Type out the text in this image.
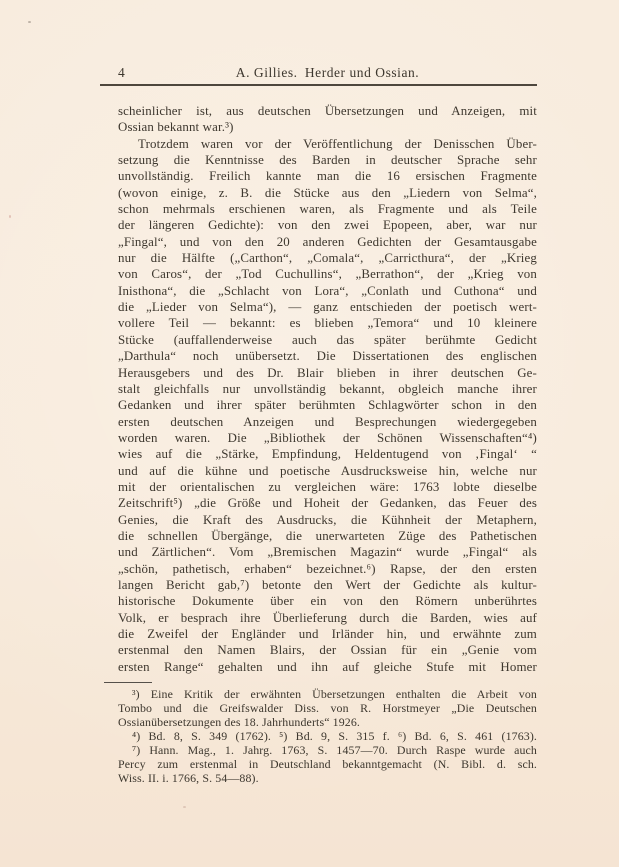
4	A. Gillies. Herder und Ossian.
scheinlicher ist, aus deutschen Übersetzungen und Anzeigen, mit
Ossian bekannt war.³)
Trotzdem waren vor der Veröffentlichung der Denisschen Über-
setzung die Kenntnisse des Barden in deutscher Sprache sehr
unvollständig. Freilich kannte man die 16 ersischen Fragmente
(wovon einige, z. B. die Stücke aus den „Liedern von Selma“,
schon mehrmals erschienen waren, als Fragmente und als Teile
der längeren Gedichte): von den zwei Epopeen, aber, war nur
„Fingal“, und von den 20 anderen Gedichten der Gesamtausgabe
nur die Hälfte („Carthon“, „Comala“, „Carricthura“, der „Krieg
von Caros“, der „Tod Cuchullins“, „Berrathon“, der „Krieg von
Inisthona“, die „Schlacht von Lora“, „Conlath und Cuthona“ und
die „Lieder von Selma“), — ganz entschieden der poetisch wert-
vollere Teil — bekannt: es blieben „Temora“ und 10 kleinere
Stücke (auffallenderweise auch das später berühmte Gedicht
„Darthula“ noch unübersetzt. Die Dissertationen des englischen
Herausgebers und des Dr. Blair blieben in ihrer deutschen Ge-
stalt gleichfalls nur unvollständig bekannt, obgleich manche ihrer
Gedanken und ihrer später berühmten Schlagwörter schon in den
ersten deutschen Anzeigen und Besprechungen wiedergegeben
worden waren. Die „Bibliothek der Schönen Wissenschaften“⁴)
wies auf die „Stärke, Empfindung, Heldentugend von ‚Fingal‘ “
und auf die kühne und poetische Ausdrucksweise hin, welche nur
mit der orientalischen zu vergleichen wäre: 1763 lobte dieselbe
Zeitschrift⁵) „die Größe und Hoheit der Gedanken, das Feuer des
Genies, die Kraft des Ausdrucks, die Kühnheit der Metaphern,
die schnellen Übergänge, die unerwarteten Züge des Pathetischen
und Zärtlichen“. Vom „Bremischen Magazin“ wurde „Fingal“ als
„schön, pathetisch, erhaben“ bezeichnet.⁶) Rapse, der den ersten
langen Bericht gab,⁷) betonte den Wert der Gedichte als kultur-
historische Dokumente über ein von den Römern unberührtes
Volk, er besprach ihre Überlieferung durch die Barden, wies auf
die Zweifel der Engländer und Irländer hin, und erwähnte zum
erstenmal den Namen Blairs, der Ossian für ein „Genie vom
ersten Range“ gehalten und ihn auf gleiche Stufe mit Homer
³) Eine Kritik der erwähnten Übersetzungen enthalten die Arbeit von
Tombo und die Greifswalder Diss. von R. Horstmeyer „Die Deutschen
Ossianübersetzungen des 18. Jahrhunderts“ 1926.
⁴) Bd. 8, S. 349 (1762). ⁵) Bd. 9, S. 315 f. ⁶) Bd. 6, S. 461 (1763).
⁷) Hann. Mag., 1. Jahrg. 1763, S. 1457—70. Durch Raspe wurde auch
Percy zum erstenmal in Deutschland bekanntgemacht (N. Bibl. d. sch.
Wiss. II. i. 1766, S. 54—88).
